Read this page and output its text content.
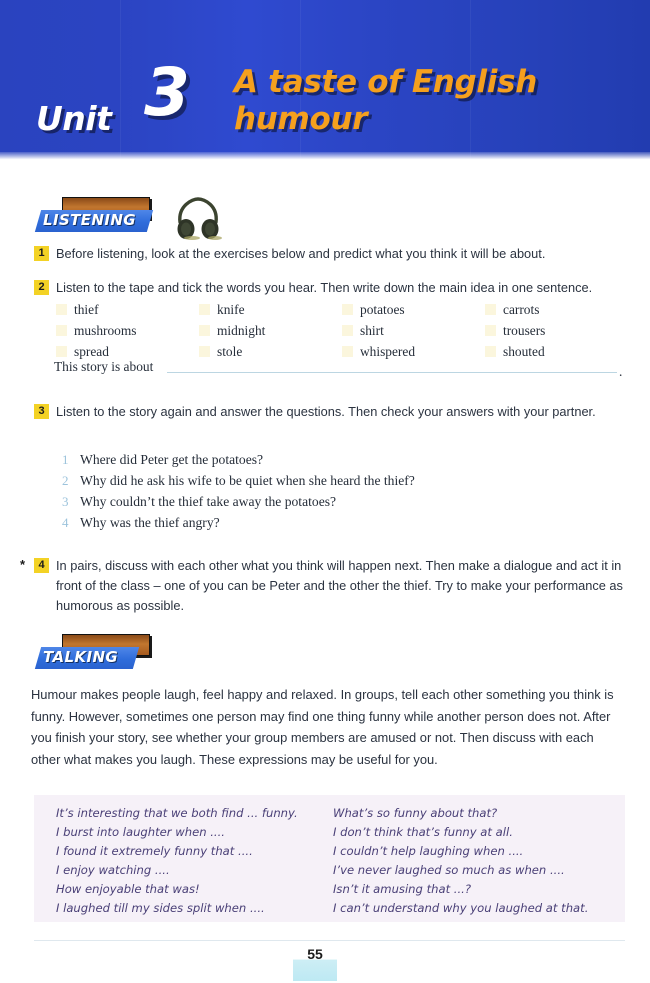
Unit 3 A taste of English humour
LISTENING
1 Before listening, look at the exercises below and predict what you think it will be about.
2 Listen to the tape and tick the words you hear. Then write down the main idea in one sentence.
thief	knife	potatoes	carrots
mushrooms	midnight	shirt	trousers
spread	stole	whispered	shouted
This story is about	.
3 Listen to the story again and answer the questions. Then check your answers with your partner.
1 Where did Peter get the potatoes?
2 Why did he ask his wife to be quiet when she heard the thief?
3 Why couldn’t the thief take away the potatoes?
4 Why was the thief angry?
*	4 In pairs, discuss with each other what you think will happen next. Then make a dialogue and act it in front of the class – one of you can be Peter and the other the thief. Try to make your performance as humorous as possible.
TALKING
Humour makes people laugh, feel happy and relaxed. In groups, tell each other something you think is funny. However, sometimes one person may find one thing funny while another person does not. After you finish your story, see whether your group members are amused or not. Then discuss with each other what makes you laugh. These expressions may be useful for you.
It’s interesting that we both find ... funny.
I burst into laughter when ....
I found it extremely funny that ....
I enjoy watching ....
How enjoyable that was!
I laughed till my sides split when ....
What’s so funny about that?
I don’t think that’s funny at all.
I couldn’t help laughing when ....
I’ve never laughed so much as when ....
Isn’t it amusing that ...?
I can’t understand why you laughed at that.
55
